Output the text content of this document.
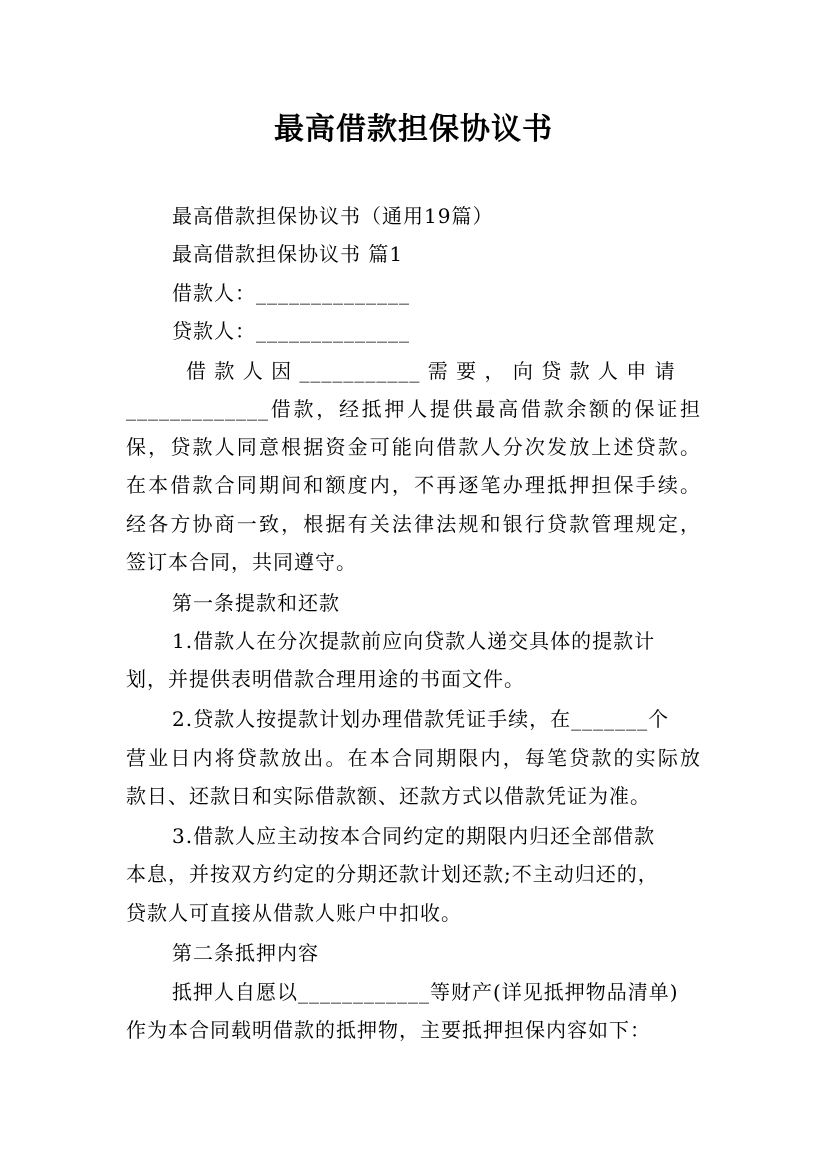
最高借款担保协议书
最高借款担保协议书（通用19篇）
最高借款担保协议书 篇1
借款人：______________
贷款人：______________
借 款 人 因 ___________ 需 要 ， 向 贷 款 人 申 请
_____________借款，经抵押人提供最高借款余额的保证担
保，贷款人同意根据资金可能向借款人分次发放上述贷款。
在本借款合同期间和额度内，不再逐笔办理抵押担保手续。
经各方协商一致，根据有关法律法规和银行贷款管理规定，
签订本合同，共同遵守。
第一条提款和还款
1.借款人在分次提款前应向贷款人递交具体的提款计
划，并提供表明借款合理用途的书面文件。
2.贷款人按提款计划办理借款凭证手续，在_______个
营业日内将贷款放出。在本合同期限内，每笔贷款的实际放
款日、还款日和实际借款额、还款方式以借款凭证为准。
3.借款人应主动按本合同约定的期限内归还全部借款
本息，并按双方约定的分期还款计划还款;不主动归还的，
贷款人可直接从借款人账户中扣收。
第二条抵押内容
抵押人自愿以____________等财产(详见抵押物品清单)
作为本合同载明借款的抵押物，主要抵押担保内容如下：
